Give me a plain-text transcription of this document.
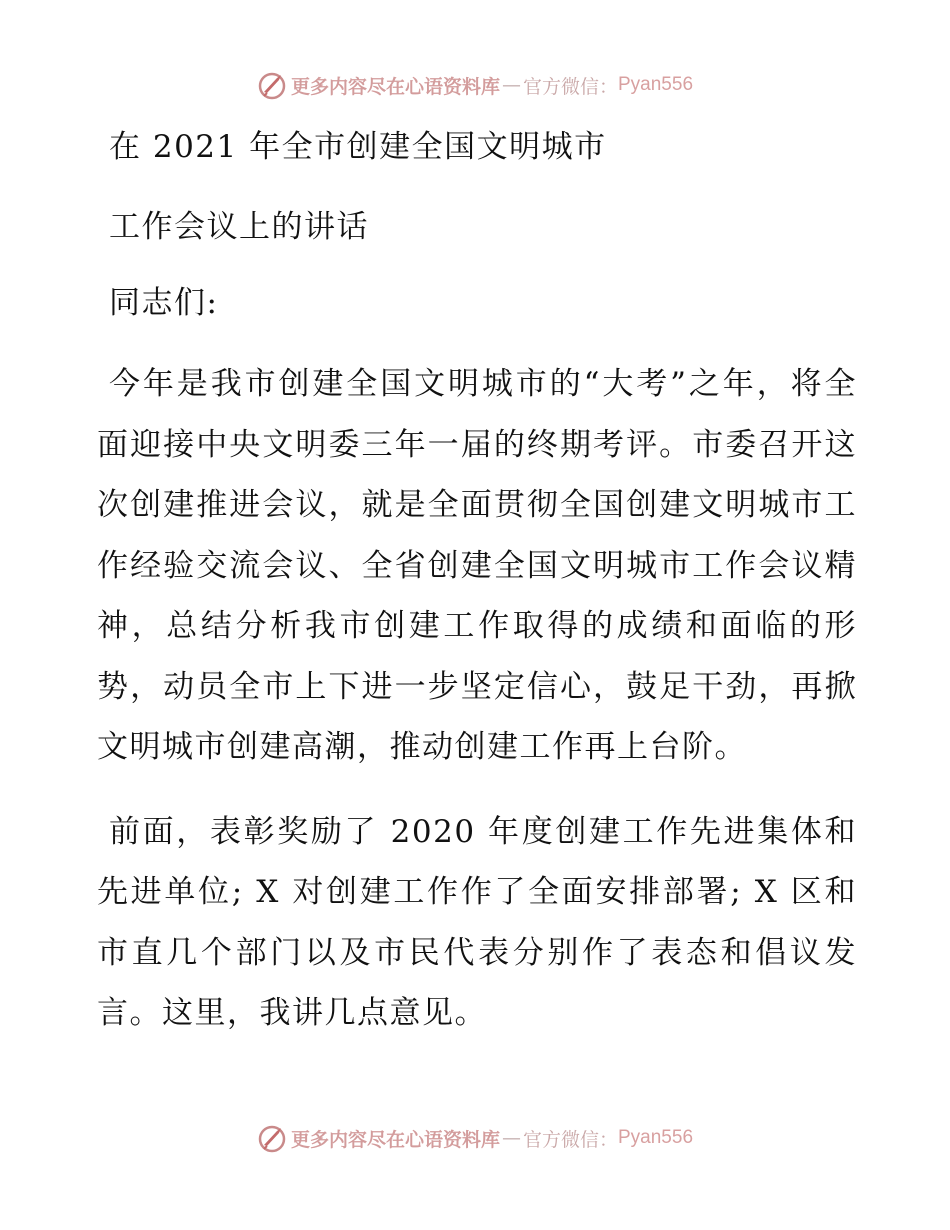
更多内容尽在心语资料库 — 官方微信： Pyan556
在 2021 年全市创建全国文明城市
工作会议上的讲话
同志们:

今年是我市创建全国文明城市的“大考”之年，将全面迎接中央文明委三年一届的终期考评。市委召开这次创建推进会议，就是全面贯彻全国创建文明城市工作经验交流会议、全省创建全国文明城市工作会议精神，总结分析我市创建工作取得的成绩和面临的形势，动员全市上下进一步坚定信心，鼓足干劲，再掀文明城市创建高潮，推动创建工作再上台阶。

前面，表彰奖励了 2020 年度创建工作先进集体和先进单位; X 对创建工作作了全面安排部署; X 区和市直几个部门以及市民代表分别作了表态和倡议发言。这里，我讲几点意见。

更多内容尽在心语资料库 — 官方微信： Pyan556
